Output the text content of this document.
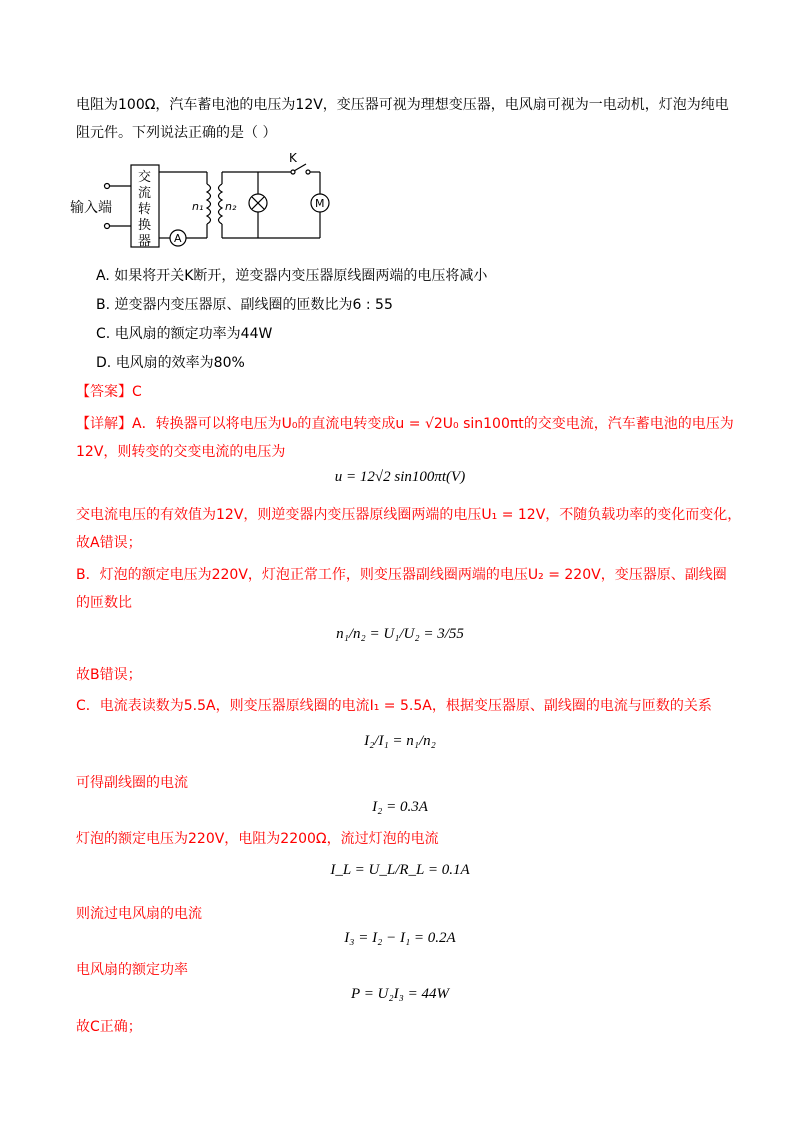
电阻为100Ω，汽车蓄电池的电压为12V，变压器可视为理想变压器，电风扇可视为一电动机，灯泡为纯电
阻元件。下列说法正确的是（ ）
输入端
交
流
转
换
器
n₁ n₂
A
K
M
A. 如果将开关K断开，逆变器内变压器原线圈两端的电压将减小
B. 逆变器内变压器原、副线圈的匝数比为6 : 55
C. 电风扇的额定功率为44W
D. 电风扇的效率为80%
【答案】C
【详解】A．转换器可以将电压为U₀的直流电转变成u = √2U₀ sin100πt的交变电流，汽车蓄电池的电压为
12V，则转变的交变电流的电压为
u = 12√2 sin100πt(V)
交电流电压的有效值为12V，则逆变器内变压器原线圈两端的电压U₁ = 12V，不随负载功率的变化而变化，
故A错误；
B．灯泡的额定电压为220V，灯泡正常工作，则变压器副线圈两端的电压U₂ = 220V，变压器原、副线圈
的匝数比
n₁/n₂ = U₁/U₂ = 3/55
故B错误；
C．电流表读数为5.5A，则变压器原线圈的电流I₁ = 5.5A，根据变压器原、副线圈的电流与匝数的关系
I₂/I₁ = n₁/n₂
可得副线圈的电流
I₂ = 0.3A
灯泡的额定电压为220V，电阻为2200Ω，流过灯泡的电流
I_L = U_L/R_L = 0.1A
则流过电风扇的电流
I₃ = I₂ − I₁ = 0.2A
电风扇的额定功率
P = U₂I₃ = 44W
故C正确；
